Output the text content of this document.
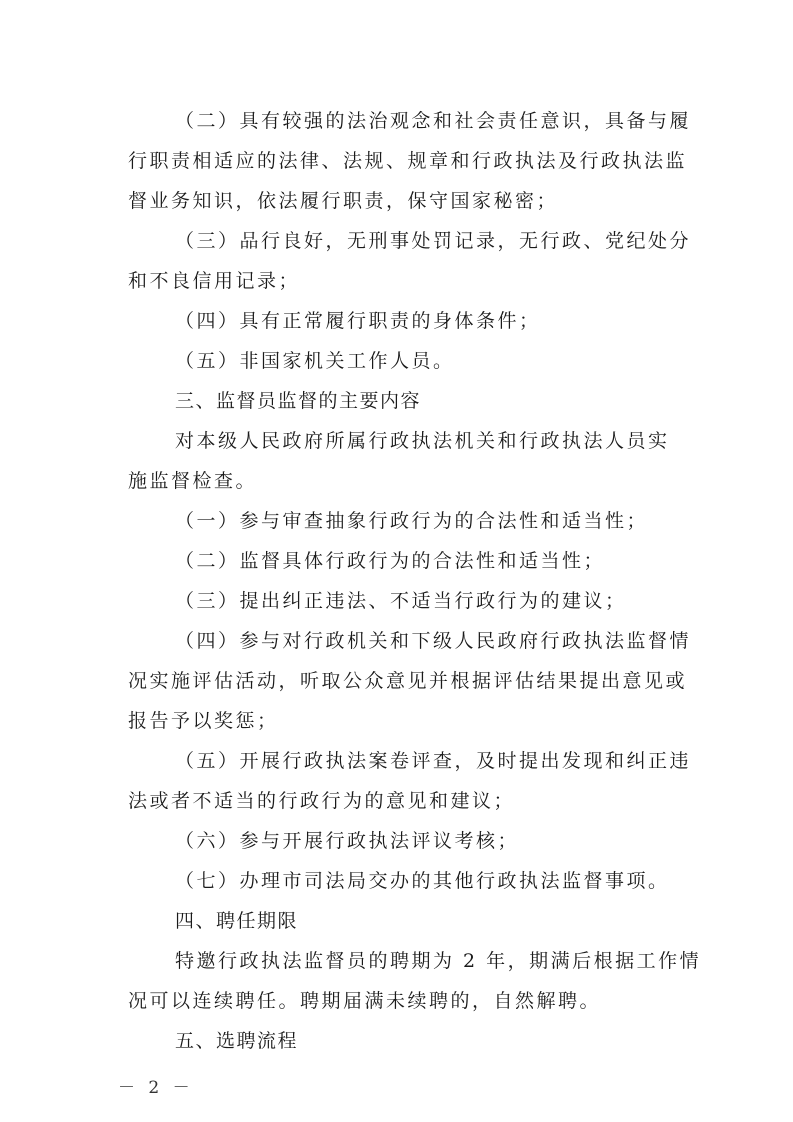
（二）具有较强的法治观念和社会责任意识，具备与履

行职责相适应的法律、法规、规章和行政执法及行政执法监

督业务知识，依法履行职责，保守国家秘密；

（三）品行良好，无刑事处罚记录，无行政、党纪处分

和不良信用记录；

（四）具有正常履行职责的身体条件；

（五）非国家机关工作人员。

三、监督员监督的主要内容

对本级人民政府所属行政执法机关和行政执法人员实

施监督检查。

（一）参与审查抽象行政行为的合法性和适当性；

（二）监督具体行政行为的合法性和适当性；

（三）提出纠正违法、不适当行政行为的建议；

（四）参与对行政机关和下级人民政府行政执法监督情

况实施评估活动，听取公众意见并根据评估结果提出意见或

报告予以奖惩；

（五）开展行政执法案卷评查，及时提出发现和纠正违

法或者不适当的行政行为的意见和建议；

（六）参与开展行政执法评议考核；

（七）办理市司法局交办的其他行政执法监督事项。

四、聘任期限

特邀行政执法监督员的聘期为 2 年，期满后根据工作情

况可以连续聘任。聘期届满未续聘的，自然解聘。

五、选聘流程

－ 2 －
